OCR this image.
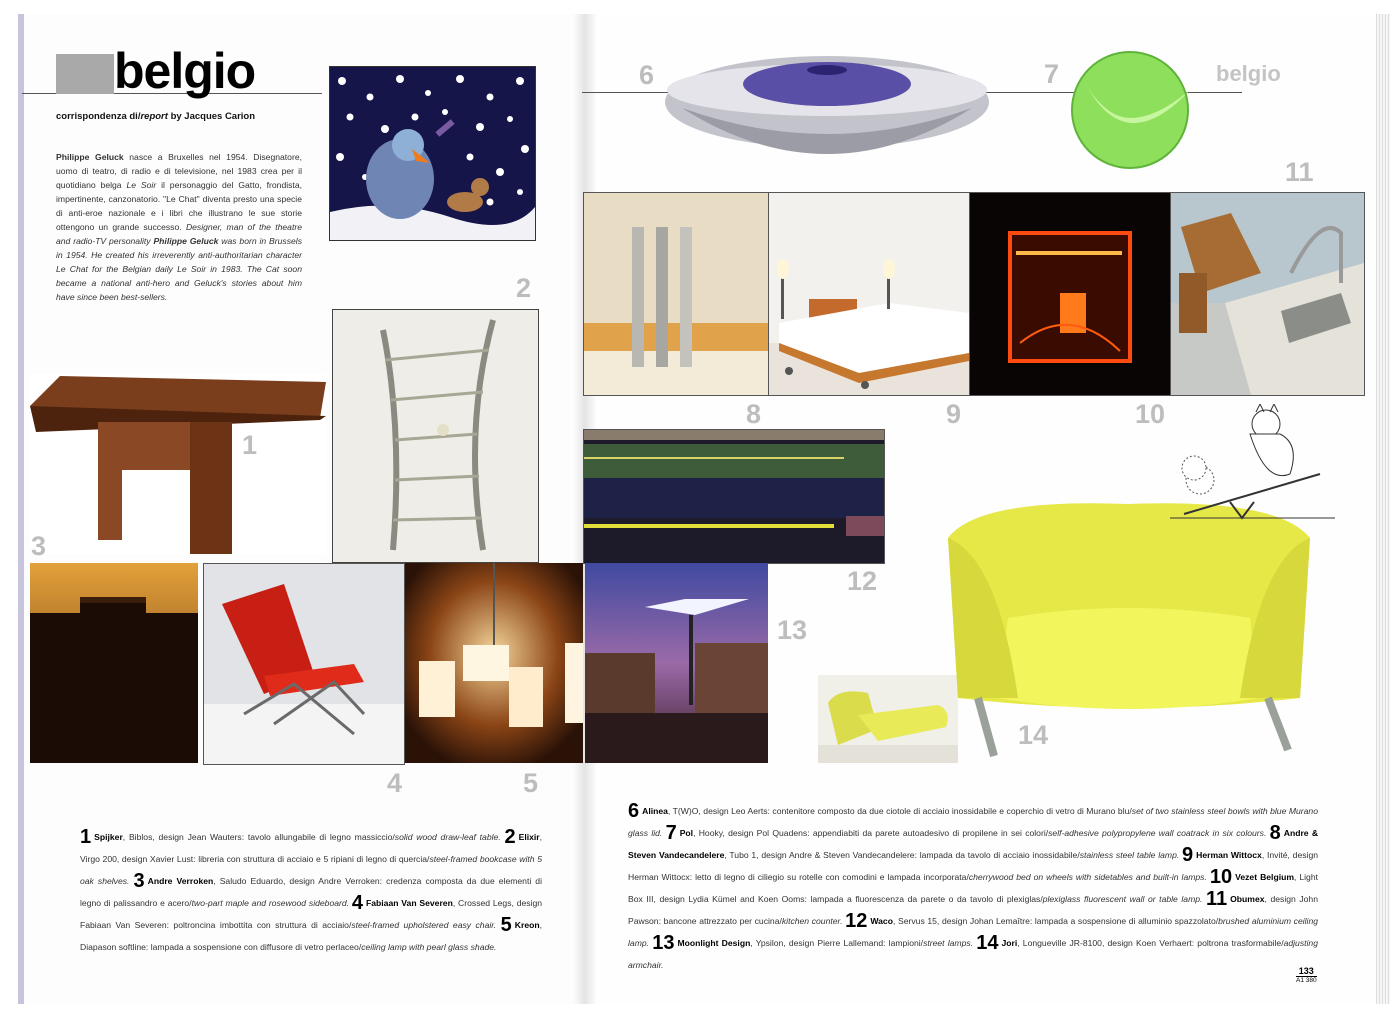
belgio
corrispondenza di/report by Jacques Carion
Philippe Geluck nasce a Bruxelles nel 1954. Disegnatore, uomo di teatro, di radio e di televisione, nel 1983 crea per il quotidiano belga Le Soir il personaggio del Gatto, frondista, impertinente, canzonatorio. "Le Chat" diventa presto una specie di anti-eroe nazionale e i libri che illustrano le sue storie ottengono un grande successo. Designer, man of the theatre and radio-TV personality Philippe Geluck was born in Brussels in 1954. He created his irreverently anti-authoritarian character Le Chat for the Belgian daily Le Soir in 1983. The Cat soon became a national anti-hero and Geluck's stories about him have since been best-sellers.
belgio
1
2
3
4	5
6	7
8	9	10
11
12
13
14
1 Spijker, Biblos, design Jean Wauters: tavolo allungabile di legno massiccio/solid wood draw-leaf table. 2 Elixir, Virgo 200, design Xavier Lust: libreria con struttura di acciaio e 5 ripiani di legno di quercia/steel-framed bookcase with 5 oak shelves. 3 Andre Verroken, Saludo Eduardo, design Andre Verroken: credenza composta da due elementi di legno di palissandro e acero/two-part maple and rosewood sideboard. 4 Fabiaan Van Severen, Crossed Legs, design Fabiaan Van Severen: poltroncina imbottita con struttura di acciaio/steel-framed upholstered easy chair. 5 Kreon, Diapason softline: lampada a sospensione con diffusore di vetro perlaceo/ceiling lamp with pearl glass shade.
6 Alinea, T(W)O, design Leo Aerts: contenitore composto da due ciotole di acciaio inossidabile e coperchio di vetro di Murano blu/set of two stainless steel bowls with blue Murano glass lid. 7 Pol, Hooky, design Pol Quadens: appendiabiti da parete autoadesivo di propilene in sei colori/self-adhesive polypropylene wall coatrack in six colours. 8 Andre & Steven Vandecandelere, Tubo 1, design Andre & Steven Vandecandelere: lampada da tavolo di acciaio inossidabile/stainless steel table lamp. 9 Herman Wittocx, Invité, design Herman Wittocx: letto di legno di ciliegio su rotelle con comodini e lampada incorporata/cherrywood bed on wheels with sidetables and built-in lamps. 10 Vezet Belgium, Light Box III, design Lydia Kümel and Koen Ooms: lampada a fluorescenza da parete o da tavolo di plexiglas/plexiglass fluorescent wall or table lamp. 11 Obumex, design John Pawson: bancone attrezzato per cucina/kitchen counter. 12 Waco, Servus 15, design Johan Lemaître: lampada a sospensione di alluminio spazzolato/brushed aluminium ceiling lamp. 13 Moonlight Design, Ypsilon, design Pierre Lallemand: lampioni/street lamps. 14 Jori, Longueville JR-8100, design Koen Verhaert: poltrona trasformabile/adjusting armchair.
133
A1 380
